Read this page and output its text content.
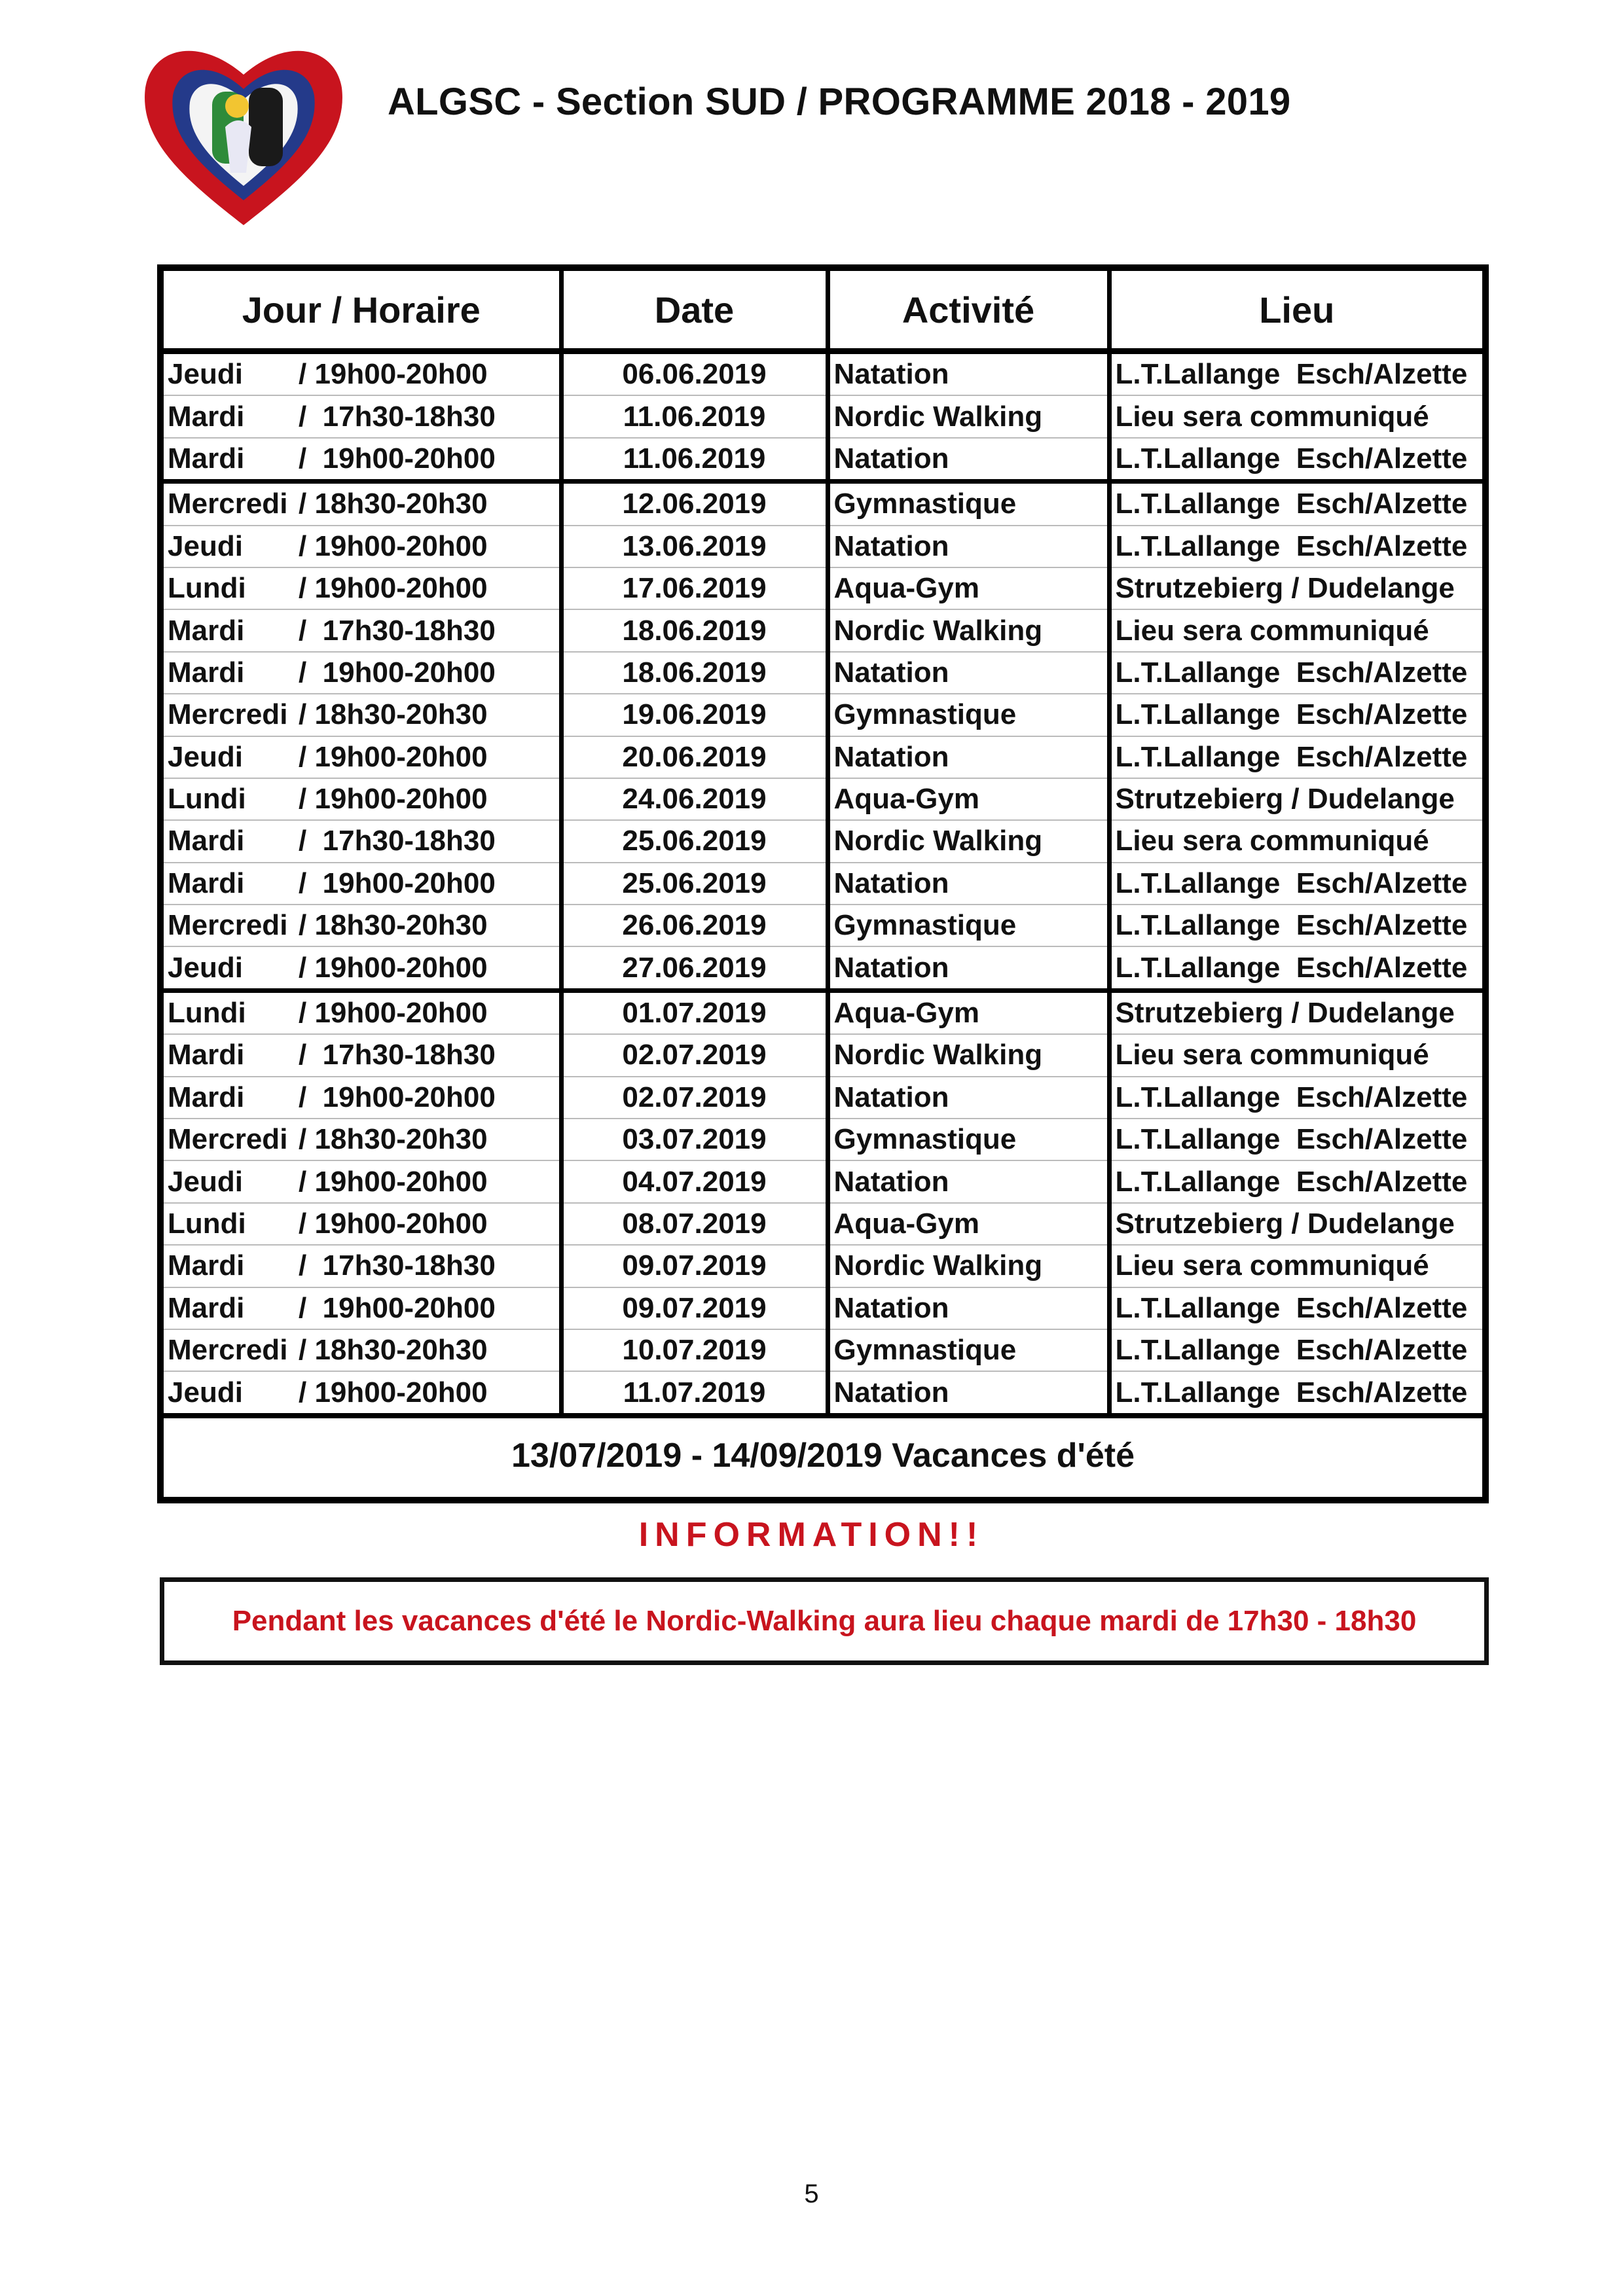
ALGSC - Section SUD / PROGRAMME 2018 - 2019
Jour / Horaire	Date	Activité	Lieu
Jeudi / 19h00-20h00	06.06.2019	Natation	L.T.Lallange  Esch/Alzette
Mardi /  17h30-18h30	11.06.2019	Nordic Walking	Lieu sera communiqué
Mardi /  19h00-20h00	11.06.2019	Natation	L.T.Lallange  Esch/Alzette
Mercredi / 18h30-20h30	12.06.2019	Gymnastique	L.T.Lallange  Esch/Alzette
Jeudi / 19h00-20h00	13.06.2019	Natation	L.T.Lallange  Esch/Alzette
Lundi / 19h00-20h00	17.06.2019	Aqua-Gym	Strutzebierg / Dudelange
Mardi /  17h30-18h30	18.06.2019	Nordic Walking	Lieu sera communiqué
Mardi /  19h00-20h00	18.06.2019	Natation	L.T.Lallange  Esch/Alzette
Mercredi / 18h30-20h30	19.06.2019	Gymnastique	L.T.Lallange  Esch/Alzette
Jeudi / 19h00-20h00	20.06.2019	Natation	L.T.Lallange  Esch/Alzette
Lundi / 19h00-20h00	24.06.2019	Aqua-Gym	Strutzebierg / Dudelange
Mardi /  17h30-18h30	25.06.2019	Nordic Walking	Lieu sera communiqué
Mardi /  19h00-20h00	25.06.2019	Natation	L.T.Lallange  Esch/Alzette
Mercredi / 18h30-20h30	26.06.2019	Gymnastique	L.T.Lallange  Esch/Alzette
Jeudi / 19h00-20h00	27.06.2019	Natation	L.T.Lallange  Esch/Alzette
Lundi / 19h00-20h00	01.07.2019	Aqua-Gym	Strutzebierg / Dudelange
Mardi /  17h30-18h30	02.07.2019	Nordic Walking	Lieu sera communiqué
Mardi /  19h00-20h00	02.07.2019	Natation	L.T.Lallange  Esch/Alzette
Mercredi / 18h30-20h30	03.07.2019	Gymnastique	L.T.Lallange  Esch/Alzette
Jeudi / 19h00-20h00	04.07.2019	Natation	L.T.Lallange  Esch/Alzette
Lundi / 19h00-20h00	08.07.2019	Aqua-Gym	Strutzebierg / Dudelange
Mardi /  17h30-18h30	09.07.2019	Nordic Walking	Lieu sera communiqué
Mardi /  19h00-20h00	09.07.2019	Natation	L.T.Lallange  Esch/Alzette
Mercredi / 18h30-20h30	10.07.2019	Gymnastique	L.T.Lallange  Esch/Alzette
Jeudi / 19h00-20h00	11.07.2019	Natation	L.T.Lallange  Esch/Alzette
13/07/2019 - 14/09/2019 Vacances d'été
INFORMATION!!
Pendant les vacances d'été le Nordic-Walking aura lieu chaque mardi de 17h30 - 18h30
5
